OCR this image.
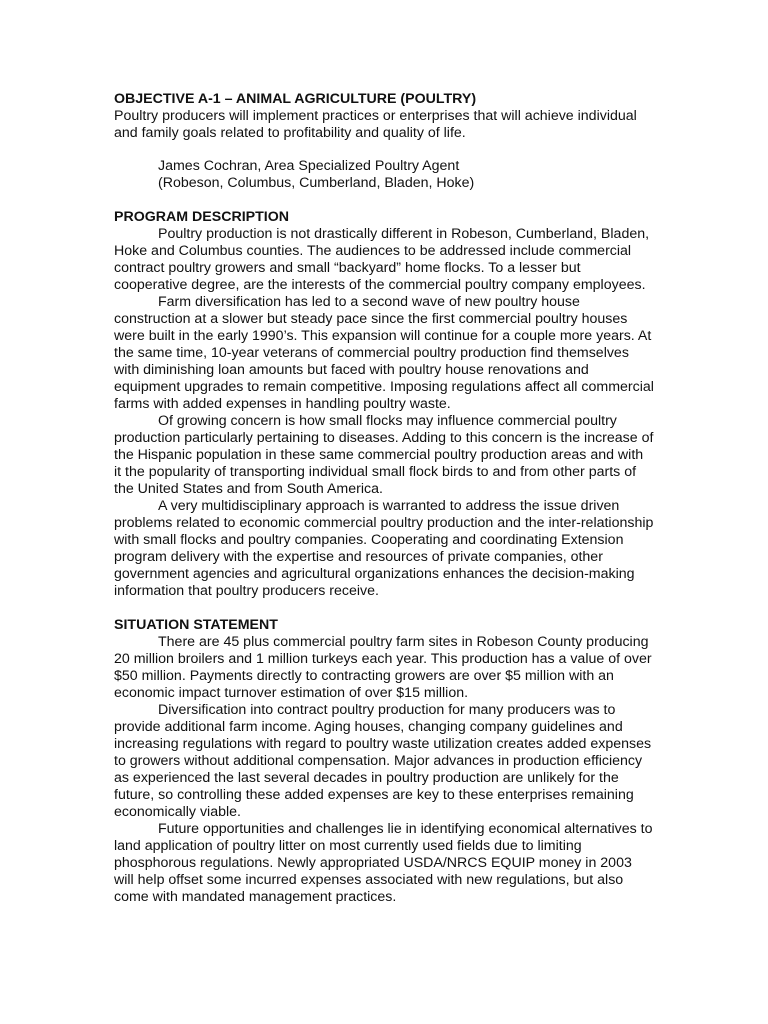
OBJECTIVE A-1 – ANIMAL AGRICULTURE (POULTRY)

Poultry producers will implement practices or enterprises that will achieve individual and family goals related to profitability and quality of life.

James Cochran, Area Specialized Poultry Agent

(Robeson, Columbus, Cumberland, Bladen, Hoke)

PROGRAM DESCRIPTION

Poultry production is not drastically different in Robeson, Cumberland, Bladen, Hoke and Columbus counties. The audiences to be addressed include commercial contract poultry growers and small “backyard” home flocks. To a lesser but cooperative degree, are the interests of the commercial poultry company employees.

Farm diversification has led to a second wave of new poultry house construction at a slower but steady pace since the first commercial poultry houses were built in the early 1990’s. This expansion will continue for a couple more years. At the same time, 10-year veterans of commercial poultry production find themselves with diminishing loan amounts but faced with poultry house renovations and equipment upgrades to remain competitive. Imposing regulations affect all commercial farms with added expenses in handling poultry waste.

Of growing concern is how small flocks may influence commercial poultry production particularly pertaining to diseases. Adding to this concern is the increase of the Hispanic population in these same commercial poultry production areas and with it the popularity of transporting individual small flock birds to and from other parts of the United States and from South America.

A very multidisciplinary approach is warranted to address the issue driven problems related to economic commercial poultry production and the inter-relationship with small flocks and poultry companies. Cooperating and coordinating Extension program delivery with the expertise and resources of private companies, other government agencies and agricultural organizations enhances the decision-making information that poultry producers receive.

SITUATION STATEMENT

There are 45 plus commercial poultry farm sites in Robeson County producing 20 million broilers and 1 million turkeys each year. This production has a value of over $50 million. Payments directly to contracting growers are over $5 million with an economic impact turnover estimation of over $15 million.

Diversification into contract poultry production for many producers was to provide additional farm income. Aging houses, changing company guidelines and increasing regulations with regard to poultry waste utilization creates added expenses to growers without additional compensation. Major advances in production efficiency as experienced the last several decades in poultry production are unlikely for the future, so controlling these added expenses are key to these enterprises remaining economically viable.

Future opportunities and challenges lie in identifying economical alternatives to land application of poultry litter on most currently used fields due to limiting phosphorous regulations. Newly appropriated USDA/NRCS EQUIP money in 2003 will help offset some incurred expenses associated with new regulations, but also come with mandated management practices.
